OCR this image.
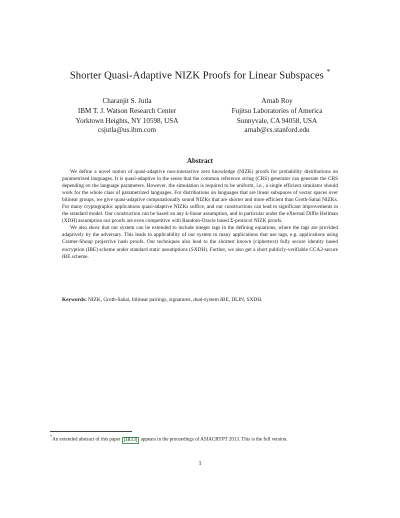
Shorter Quasi-Adaptive NIZK Proofs for Linear Subspaces *
Charanjit S. Jutla
IBM T. J. Watson Research Center
Yorktown Heights, NY 10598, USA
csjutla@us.ibm.com
Arnab Roy
Fujitsu Laboratories of America
Sunnyvale, CA 94058, USA
arnab@cs.stanford.edu
Abstract

We define a novel notion of quasi-adaptive non-interactive zero knowledge (NIZK) proofs for probability distributions on parametrized languages. It is quasi-adaptive in the sense that the common reference string (CRS) generator can generate the CRS depending on the language parameters. However, the simulation is required to be uniform, i.e., a single efficient simulator should work for the whole class of parametrized languages. For distributions on languages that are linear subspaces of vector spaces over bilinear groups, we give quasi-adaptive computationally sound NIZKs that are shorter and more efficient than Groth-Sahai NIZKs. For many cryptographic applications quasi-adaptive NIZKs suffice, and our constructions can lead to significant improvements in the standard model. Our construction can be based on any k-linear assumption, and in particular under the eXternal Diffie Hellman (XDH) assumption our proofs are even competitive with Random-Oracle based Σ-protocol NIZK proofs.

We also show that our system can be extended to include integer tags in the defining equations, where the tags are provided adaptively by the adversary. This leads to applicability of our system to many applications that use tags, e.g. applications using Cramer-Shoup projective hash proofs. Our techniques also lead to the shortest known (ciphertext) fully secure identity based encryption (IBE) scheme under standard static assumptions (SXDH). Further, we also get a short publicly-verifiable CCA2-secure IBE scheme.

Keywords: NIZK, Groth-Sahai, bilinear pairings, signatures, dual-system IBE, DLIN, SXDH.
*An extended abstract of this paper [JR13] appears in the proceedings of ASIACRYPT 2013. This is the full version.
1
